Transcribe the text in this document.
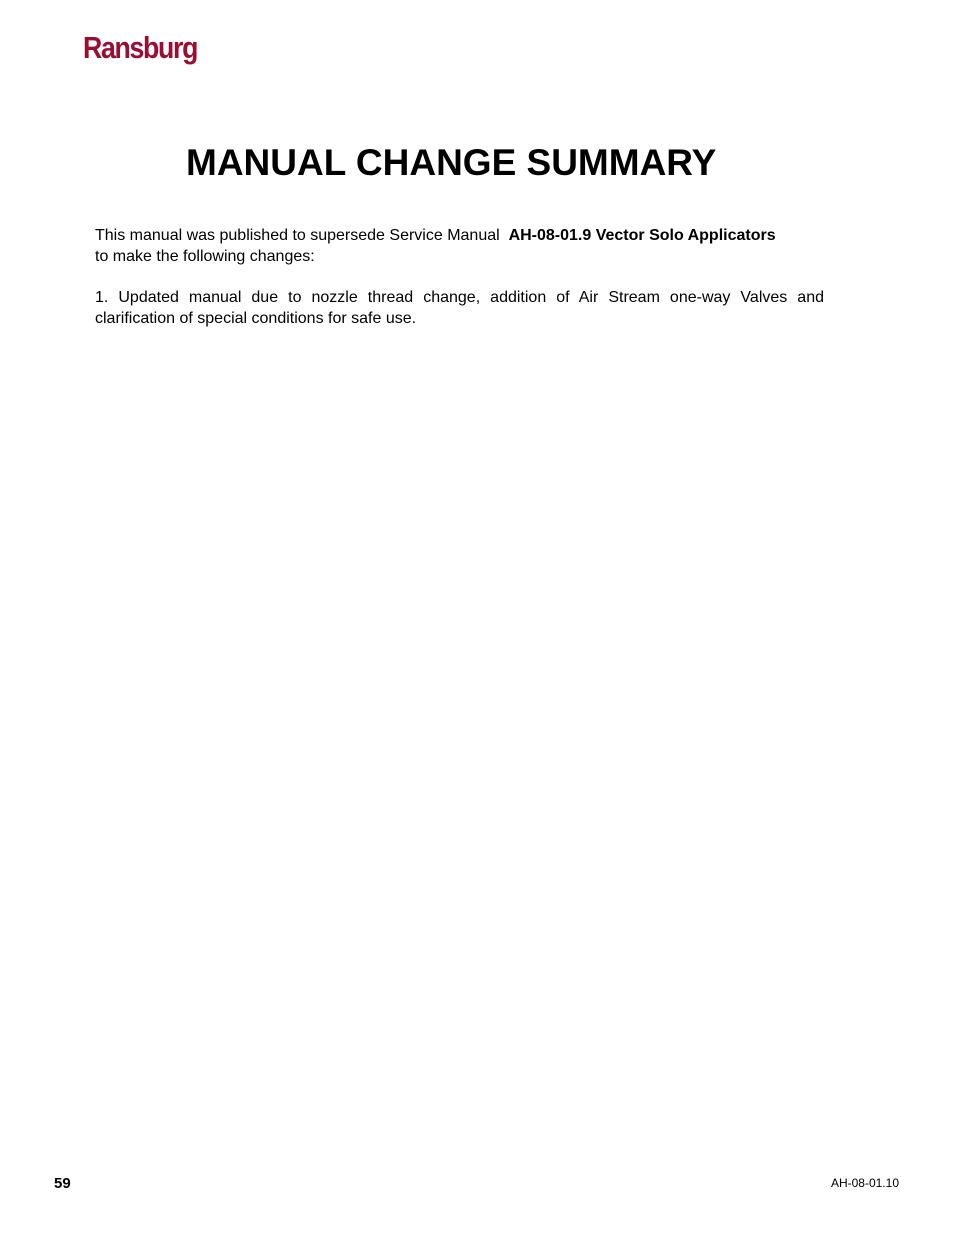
Ransburg
MANUAL CHANGE SUMMARY

This manual was published to supersede Service Manual AH-08-01.9 Vector Solo Applicators
to make the following changes:

1. Updated manual due to nozzle thread change, addition of Air Stream one-way Valves and clarification of special conditions for safe use.

59	AH-08-01.10
